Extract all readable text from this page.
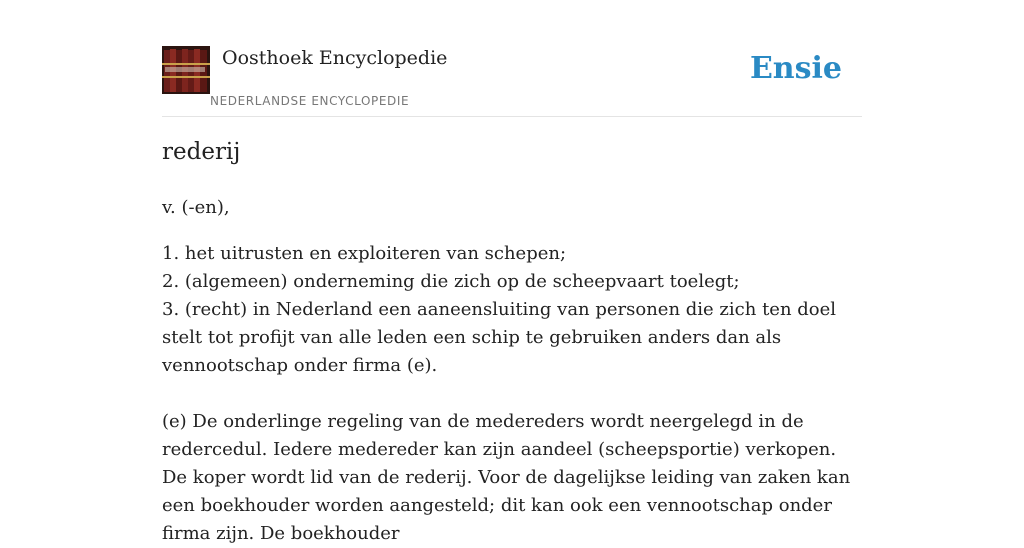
Oosthoek Encyclopedie
NEDERLANDSE ENCYCLOPEDIE
Ensie
rederij

v. (-en),

1. het uitrusten en exploiteren van schepen;
2. (algemeen) onderneming die zich op de scheepvaart toelegt;
3. (recht) in Nederland een aaneensluiting van personen die zich ten doel stelt tot profijt van alle leden een schip te gebruiken anders dan als vennootschap onder firma (e).

(e) De onderlinge regeling van de medereders wordt neergelegd in de redercedul. Iedere medereder kan zijn aandeel (scheepsportie) verkopen. De koper wordt lid van de rederij. Voor de dagelijkse leiding van zaken kan een boekhouder worden aangesteld; dit kan ook een vennootschap onder firma zijn. De boekhouder
